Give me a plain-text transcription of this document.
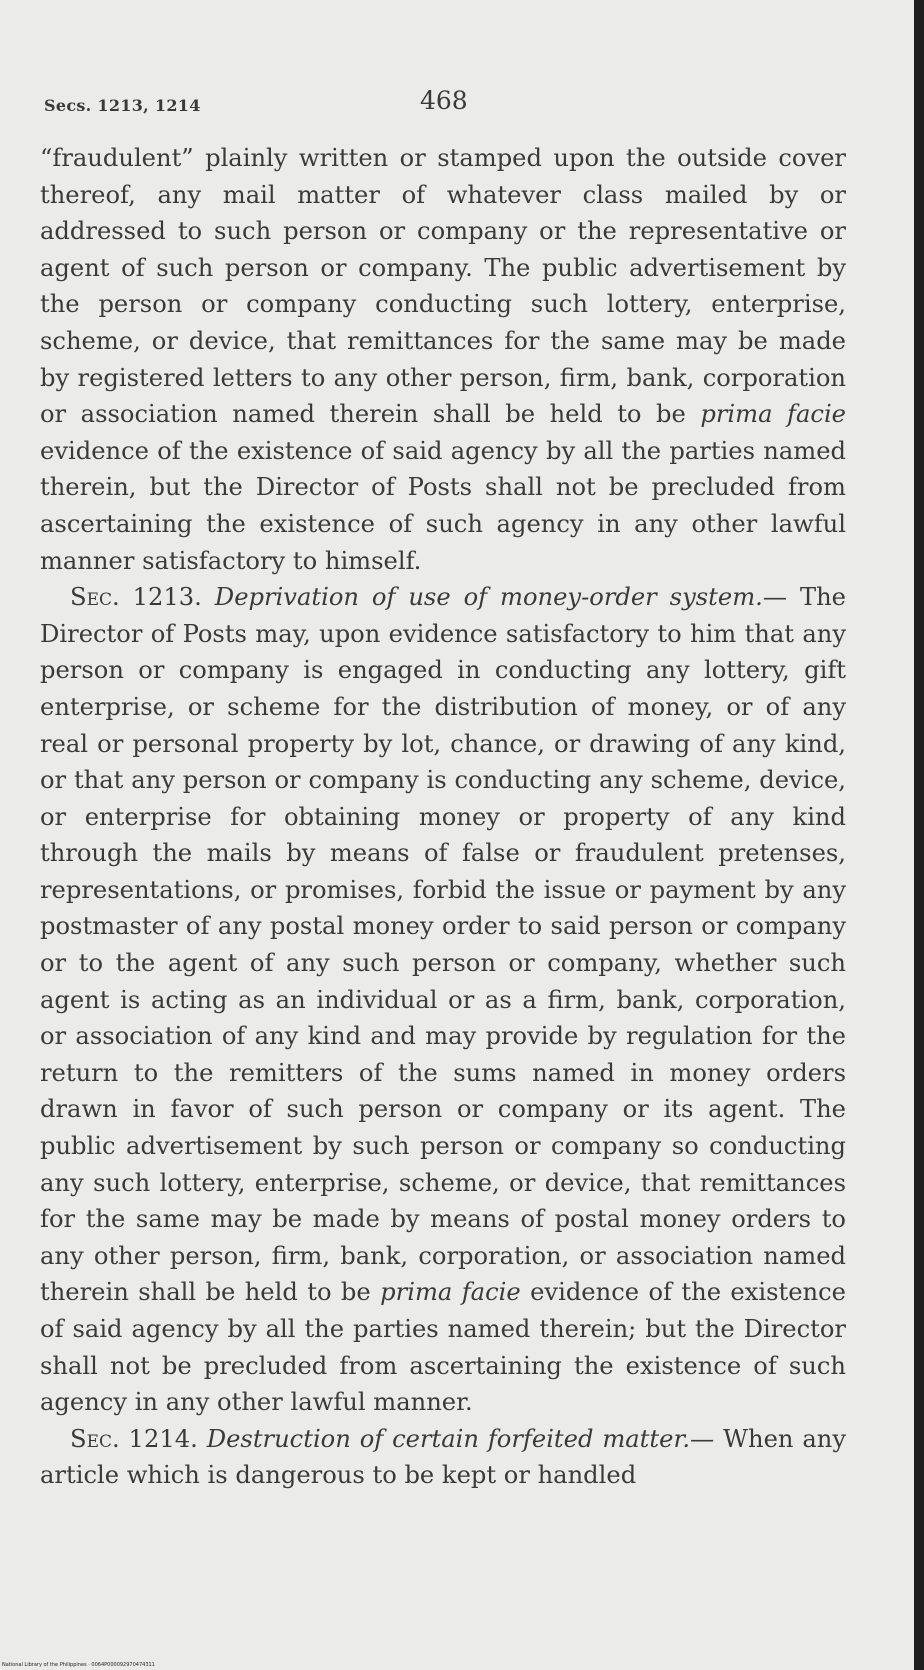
Secs. 1213, 1214	468

“fraudulent” plainly written or stamped upon the outside cover thereof, any mail matter of whatever class mailed by or addressed to such person or company or the representative or agent of such person or company. The public advertisement by the person or company conducting such lottery, enterprise, scheme, or device, that remittances for the same may be made by registered letters to any other person, firm, bank, corporation or association named therein shall be held to be prima facie evidence of the existence of said agency by all the parties named therein, but the Director of Posts shall not be precluded from ascertaining the existence of such agency in any other lawful manner satisfactory to himself.

Sec. 1213. Deprivation of use of money-order system.— The Director of Posts may, upon evidence satisfactory to him that any person or company is engaged in conducting any lottery, gift enterprise, or scheme for the distribution of money, or of any real or personal property by lot, chance, or drawing of any kind, or that any person or company is conducting any scheme, device, or enterprise for obtaining money or property of any kind through the mails by means of false or fraudulent pretenses, representations, or promises, forbid the issue or payment by any postmaster of any postal money order to said person or company or to the agent of any such person or company, whether such agent is acting as an individual or as a firm, bank, corporation, or association of any kind and may provide by regulation for the return to the remitters of the sums named in money orders drawn in favor of such person or company or its agent. The public advertisement by such person or company so conducting any such lottery, enterprise, scheme, or device, that remittances for the same may be made by means of postal money orders to any other person, firm, bank, corporation, or association named therein shall be held to be prima facie evidence of the existence of said agency by all the parties named therein; but the Director shall not be precluded from ascertaining the existence of such agency in any other lawful manner.

Sec. 1214. Destruction of certain forfeited matter.— When any article which is dangerous to be kept or handled

National Library of the Philippines · 0064P000092970474311
